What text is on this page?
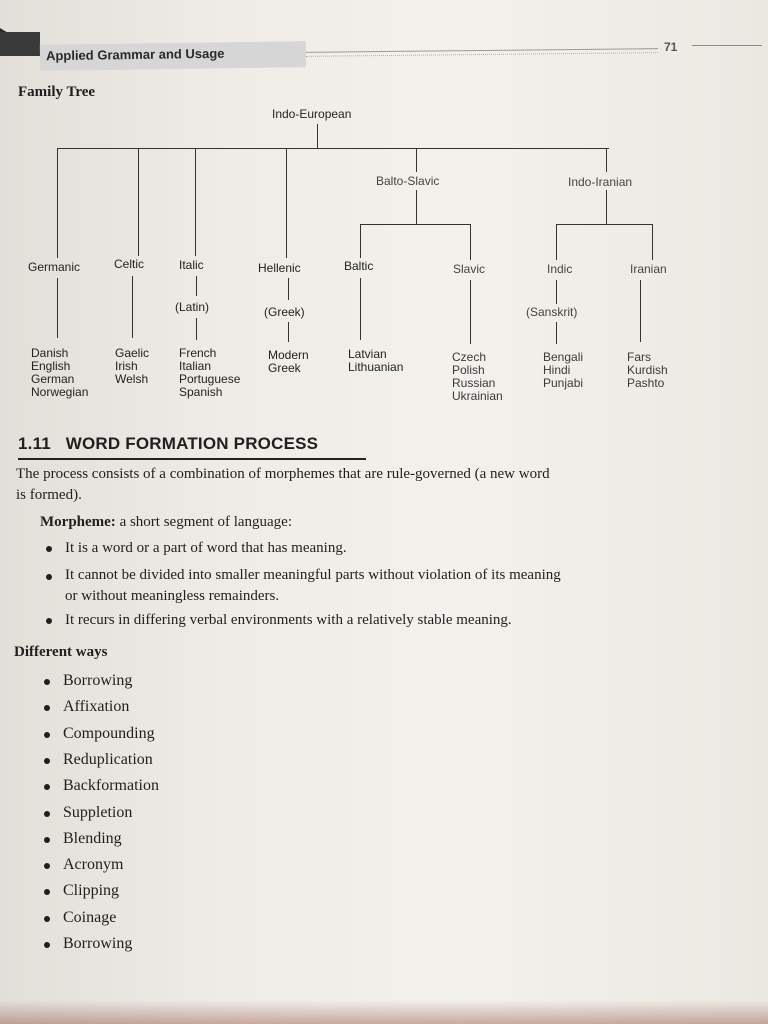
Applied Grammar and Usage	71
Family Tree
Indo-European
Balto-Slavic	Indo-Iranian
Germanic	Celtic	Italic	Hellenic	Baltic	Slavic	Indic	Iranian
(Latin)	(Greek)	(Sanskrit)
Danish
English
German
Norwegian
Gaelic
Irish
Welsh
French
Italian
Portuguese
Spanish
Modern
Greek
Latvian
Lithuanian
Czech
Polish
Russian
Ukrainian
Bengali
Hindi
Punjabi
Fars
Kurdish
Pashto
1.11 WORD FORMATION PROCESS
The process consists of a combination of morphemes that are rule-governed (a new word
is formed).
Morpheme: a short segment of language:
It is a word or a part of word that has meaning.
It cannot be divided into smaller meaningful parts without violation of its meaning
or without meaningless remainders.
It recurs in differing verbal environments with a relatively stable meaning.
Different ways
Borrowing
Affixation
Compounding
Reduplication
Backformation
Suppletion
Blending
Acronym
Clipping
Coinage
Borrowing
